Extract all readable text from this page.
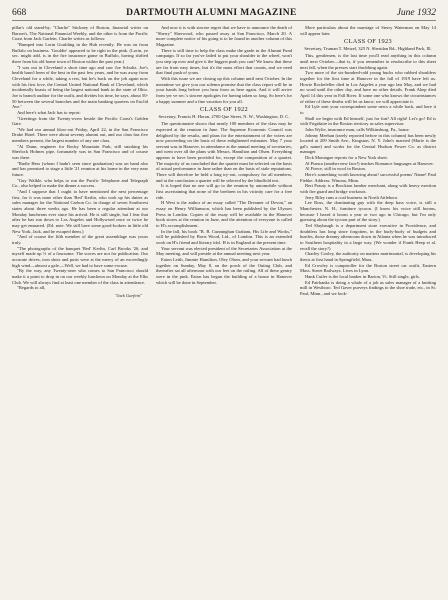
668	DARTMOUTH ALUMNI MAGAZINE	June 1932

pillar's old stand-by, "Charlie" Stickney of Boston, financial writer on Barron's, The National Financial Weekly, and the other is from the Pacific Coast from Jack Garfein. Charlie writes as follows:

"Bumped into Lorin Goulding in the Hub recently. He was on from Buffalo on business. 'Gouldie' appeared to be right in the pink. (Lorin, ye sec. might add, is in the fire insurance game in Buffalo, having shifted there from his old home town of Boston within the past year.)

"I was out in Cleveland a short time ago and saw Joe Schultz. Joe's health hasn't been of the best in the past few years, and he was away from Cleveland for a while, taking a rest, but he's back on the job again now with his first love, the Central United National Bank of Cleveland, which incidentally boasts of being the largest national bank in the state of Ohio. Joe is branch auditor for the outfit, and divides his time, he says, about 50-50 between the several branches and the main banking quarters on Euclid Ave."

And here's what Jack has to report:

"Greetings from the Twenty-overs beside the Pacific Coast's Golden Gate.

"We had our annual blow-out Friday, April 22, in the San Francisco Drake Hotel. There were about seventy alumni out, and our class has five members present, the largest number of any one class.

"Al Dunn, engineer for Rocky Mountain Park, still smoking his Sherlock Holmes pipe, fortunately was in San Francisco and of course was there.

"Rudie Hess (whom I hadn't seen since graduation) was on hand also and has promised to stage a little '21 reunion at his home in the very near future.

"Guy Walkle, who helps to run the Pacific Telephone and Telegraph Co., also helped to make the dinner a success.

"And I suppose that I ought to have mentioned the next percentage first, for it was none other than 'Red' Kerlin, who took up his duties as sales manager for the National Carbon Co. in charge of seven Southwest states about three weeks ago. He has been a regular attendant at our Monday luncheons ever since his arrival. He is still single, but I fear that after he has run down to Los Angeles and Hollywood once or twice he may get ensnared. (Ed. note. We still have some good-lookers in little old New York, Jack, and he escaped them.)

"And of course the fifth member of the great assemblage was yours truly.

"The photographs of the banquet 'Red' Kerlin, Carl Brooks '26, and myself made up ⅓ of a foursome. The scores are not for publication. Our accurate drives, iron shots and putts were at the mercy of an exceedingly high wind—almost a gale.—Well, we had to have some excuse.

"By the way, any Twenty-oner who comes to San Francisco should make it a point to drop in on our weekly luncheon on Monday at the Elks Club. We will always find at least one member of the class in attendance.

"Regards to all,

"Jack Garfein"

And now it is with sincere regret that we have to announce the death of "Sherry" Sherwood, who passed away at San Francisco, March 20. A more complete notice of his going is to be found in another column of this Magazine.

There is still time to help the class make the grade in the Alumni Fund campaign. If so far you've failed to put your shoulder to the wheel, won't you step up now and give it the biggest push you can? We know that these are far from easy times, but it's the mass effort that counts, and we need that final push of yours.

With this issue we are closing up this column until next October. In the meantime we give you our solemn promise that the class report will be in your hands long before you hear from us here again. And it will arrive from yer ve sec.'s sincere apologies for having taken so long. So here's for a happy summer and a fine vacation for you all.

CLASS OF 1922
Secretary, Francis H. Horan, 2700 Que Street, N. W., Washington, D. C.

The questionnaire shows that nearly 100 members of the class may be expected at the reunion in June. The Supreme Economic Council was delighted by the results, and plans for the entertainment of the voters are now proceeding on the basis of these enlightened estimates. May 7 your servant was in Hanover, in attendance at the annual meeting of secretaries, and went over all the plans with Messrs. Hamilton and Olsen. Everything appears to have been provided for, except the composition of a quartet. The majority of us concluded that the quartet must be selected on the basis of actual performance in June rather than on the basis of stale reputations. There will therefore be held a long try-out, compulsory for all members, and at the conclusion a quartet will be selected by the blindfold test.

It is hoped that no one will go to the reunion by automobile without first ascertaining that none of the brethren in his vicinity care for a free ride.

H West is the author of an essay called "The Dreamer of Devon," an essay on Henry Williamson, which has been published by the Ulysses Press in London. Copies of the essay will be available in the Hanover book stores at the reunion in June, and the attention of everyone is called to H's accomplishment.

In the fall, his book "R. B. Cunninghan Graham, His Life and Works," will be published by Boris Wood, Ltd., of London. This is an extended work on H's friend and literary idol. H is in England at the present time.

Your servant was elected president of the Secretaries Association at the May meeting, and will preside at the annual meeting next year.

Eaton Leith, Jimmie Hamilton, Oley Olsen, and your servant had lunch together on Sunday, May 8, on the porch of the Outing Club, and thereafter sat all afternoon with our feet on the railing. All of these gentry were in the pink. Eaton has begun the building of a house in Hanover which will be done in September.

More particulars about the marriage of Sterry Waterman on May 14 will appear later.

CLASS OF 1923
Secretary, Truman T. Metzel, 325 N. Sheridan Rd., Highland Park, Ill.

This, gentlemen, is the last time you'll read anything in this column until next October—that is, if you remember to resubscribe to this sheet next fall, when the presses start throbbing again.

Two more of the six-hundred-odd young bucks who rubbed shoulders together for the first time at Hanover in the fall of 1919 have left us. Howie Rockefeller died in Los Angeles a year ago last May, and we had no word until the other day, and have no other details. Frank Ahep died April 14 this year in Fall River. If some one who knows the circumstances of either of these deaths will let us know, we will appreciate it.

Ed Lyle sent your correspondent some news a while back, and here it is:

Shall we begin with Ed himself, just for fun? All right! Let's go! Ed is with Frigidaire in the Boston territory as sales supervisor.

John Wylie, insurance man, calls Wilkinsburg, Pa., home.

Johnny Meehan (rarely reported before in this column) has been newly located at 209 Smith Ave., Kingston, N. Y. John's married (Marie is the gal's name) and works for the Central Hudson Power Co. as district manager.

Dick Montague reports for a New York sheet.

Al Pianca (another new face!) teaches Romance languages at Hanover.

Al Fierce, still in wool in Boston.

Here's something worth knowing about! successful poems' Name! Paul Fiebke. Address: Winona, Minn.

Bert Prauty is a Brockton lumber merchant, along with heavy exertion with fire guard and bridge workouts.

Jerry Riley runs a coal business in North Attleboro.

Lee Ross, the dominating guy with the deep bass voice, is still a Manchester, N. H., furniture tycoon. (I know his voice still booms, because I heard it boom a year or two ago in Chicago, but I'm only guessing about the tycoon part of the story.)

Ted Slaybaugh is a department store executive in Providence, and doubtless has long since forgotten, in the hurly-burly of budgets and hustles, those dreamy afternoons down in Atlanta when he was introduced to Southern hospitality in a large way. (We wonder if Frank Heep et al. recall the story?)

Charley Cooley, the authority on matters matrimonial, is developing his thesis at first hand in Springfield, Mass.

Ed Crowley is comptroller for the Boston street car outfit, Eastern Mass. Street Railways. Lives in Lynn.

Hank Cutler is the local banker in Barton, Vt. Still single, girls.

Ed Fairbanks is doing a whale of a job as sales manager of a knitting mill in Westboro. Ted Gaver purveys findings to the shoe trade, etc., in St. Paul, Minn., and we look-
